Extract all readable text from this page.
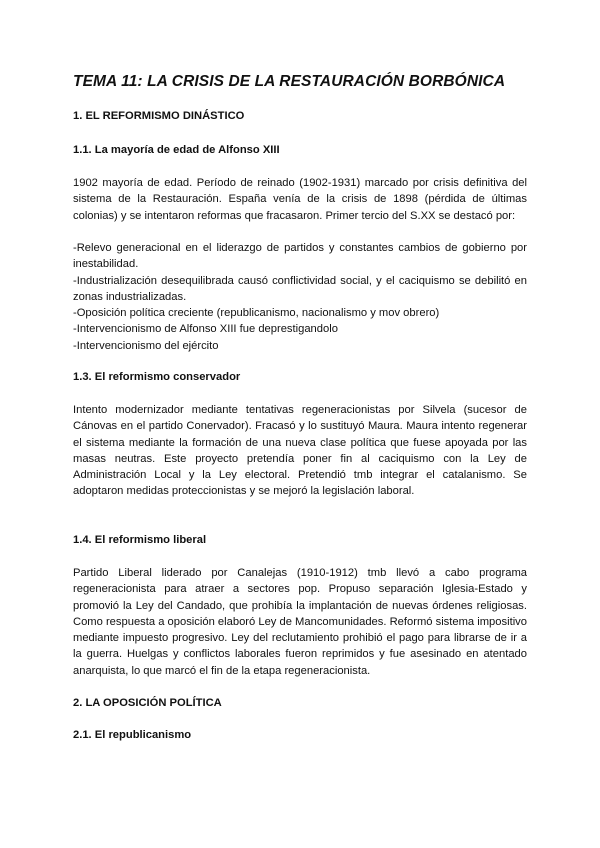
TEMA 11: LA CRISIS DE LA RESTAURACIÓN BORBÓNICA
1. EL REFORMISMO DINÁSTICO
1.1. La mayoría de edad de Alfonso XIII

1902 mayoría de edad. Período de reinado (1902-1931) marcado por crisis definitiva del sistema de la Restauración. España venía de la crisis de 1898 (pérdida de últimas colonias) y se intentaron reformas que fracasaron. Primer tercio del S.XX se destacó por:

-Relevo generacional en el liderazgo de partidos y constantes cambios de gobierno por inestabilidad.
-Industrialización desequilibrada causó conflictividad social, y el caciquismo se debilitó en zonas industrializadas.
-Oposición política creciente (republicanismo, nacionalismo y mov obrero)
-Intervencionismo de Alfonso XIII fue deprestigandolo
-Intervencionismo del ejército
1.3. El reformismo conservador

Intento modernizador mediante tentativas regeneracionistas por Silvela (sucesor de Cánovas en el partido Conervador). Fracasó y lo sustituyó Maura. Maura intento regenerar el sistema mediante la formación de una nueva clase política que fuese apoyada por las masas neutras. Este proyecto pretendía poner fin al caciquismo con la Ley de Administración Local y la Ley electoral. Pretendió tmb integrar el catalanismo. Se adoptaron medidas proteccionistas y se mejoró la legislación laboral.

1.4. El reformismo liberal

Partido Liberal liderado por Canalejas (1910-1912) tmb llevó a cabo programa regeneracionista para atraer a sectores pop. Propuso separación Iglesia-Estado y promovió la Ley del Candado, que prohibía la implantación de nuevas órdenes religiosas. Como respuesta a oposición elaboró Ley de Mancomunidades. Reformó sistema impositivo mediante impuesto progresivo. Ley del reclutamiento prohibió el pago para librarse de ir a la guerra. Huelgas y conflictos laborales fueron reprimidos y fue asesinado en atentado anarquista, lo que marcó el fin de la etapa regeneracionista.

2. LA OPOSICIÓN POLÍTICA
2.1. El republicanismo
